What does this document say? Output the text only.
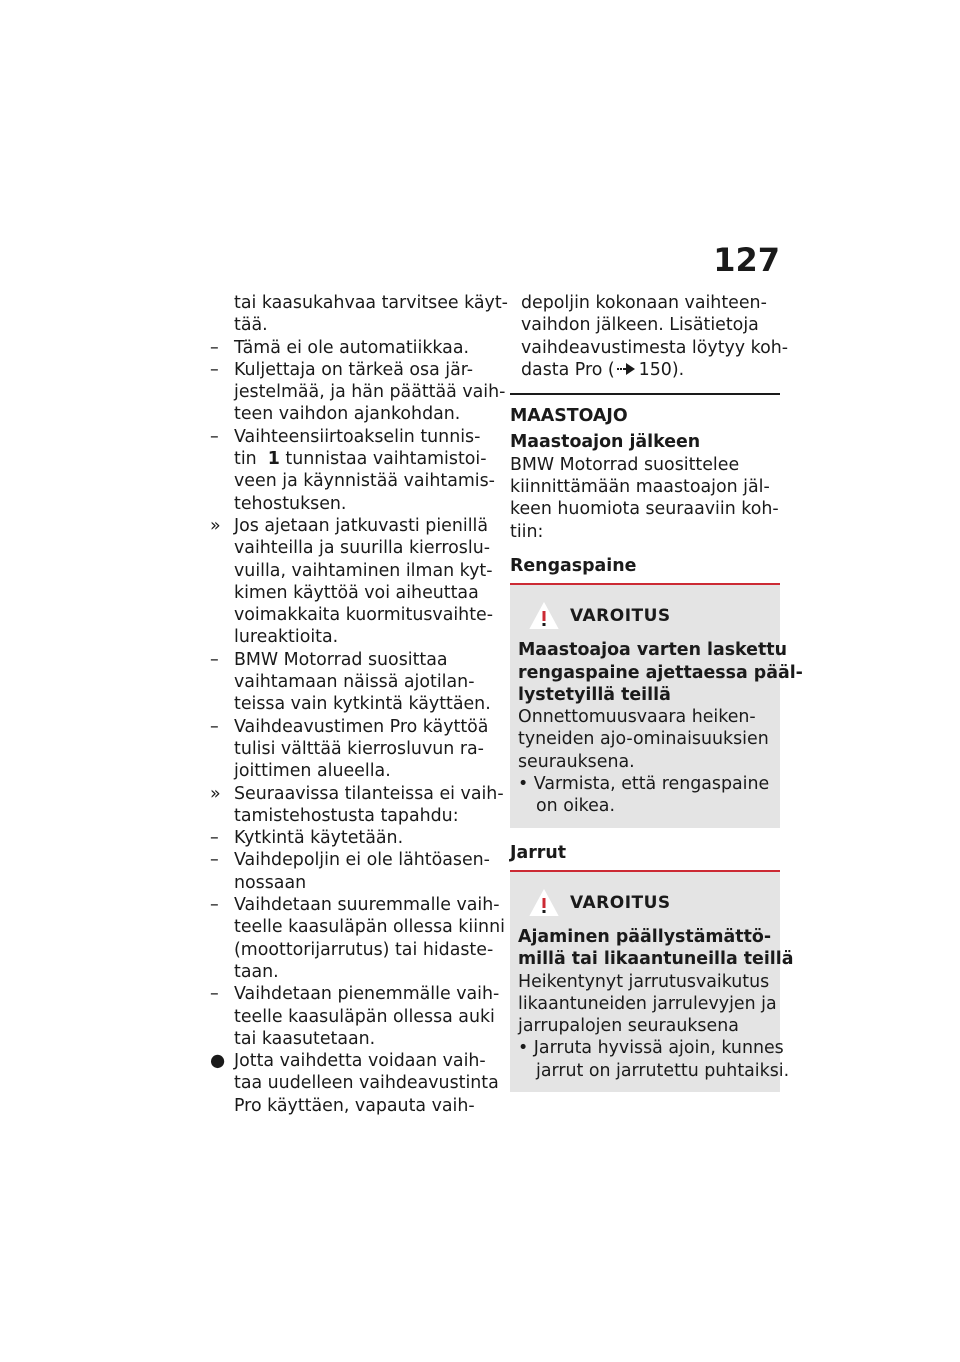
127
tai kaasukahvaa tarvitsee käyt-
tää.
– Tämä ei ole automatiikkaa.
– Kuljettaja on tärkeä osa jär-
jestelmää, ja hän päättää vaih-
teen vaihdon ajankohdan.
– Vaihteensiirtoakselin tunnis-
tin 1 tunnistaa vaihtamistoi-
veen ja käynnistää vaihtamis-
tehostuksen.
» Jos ajetaan jatkuvasti pienillä
vaihteilla ja suurilla kierroslu-
vuilla, vaihtaminen ilman kyt-
kimen käyttöä voi aiheuttaa
voimakkaita kuormitusvaihte-
lureaktioita.
– BMW Motorrad suosittaa
vaihtamaan näissä ajotilan-
teissa vain kytkintä käyttäen.
– Vaihdeavustimen Pro käyttöä
tulisi välttää kierrosluvun ra-
joittimen alueella.
» Seuraavissa tilanteissa ei vaih-
tamistehostusta tapahdu:
– Kytkintä käytetään.
– Vaihdepoljin ei ole lähtöasen-
nossaan
– Vaihdetaan suuremmalle vaih-
teelle kaasuläpän ollessa kiinni
(moottorijarrutus) tai hidaste-
taan.
– Vaihdetaan pienemmälle vaih-
teelle kaasuläpän ollessa auki
tai kaasutetaan.
● Jotta vaihdetta voidaan vaih-
taa uudelleen vaihdeavustinta
Pro käyttäen, vapauta vaih-
depoljin kokonaan vaihteen-
vaihdon jälkeen. Lisätietoja
vaihdeavustimesta löytyy koh-
dasta Pro ( 150).
MAASTOAJO
Maastoajon jälkeen
BMW Motorrad suosittelee
kiinnittämään maastoajon jäl-
keen huomiota seuraaviin koh-
tiin:
Rengaspaine
VAROITUS
Maastoajoa varten laskettu
rengaspaine ajettaessa pääl-
lystetyillä teillä
Onnettomuusvaara heiken-
tyneiden ajo-ominaisuuksien
seurauksena.
• Varmista, että rengaspaine
on oikea.
Jarrut
VAROITUS
Ajaminen päällystämättö-
millä tai likaantuneilla teillä
Heikentynyt jarrutusvaikutus
likaantuneiden jarrulevyjen ja
jarrupalojen seurauksena
• Jarruta hyvissä ajoin, kunnes
jarrut on jarrutettu puhtaiksi.
